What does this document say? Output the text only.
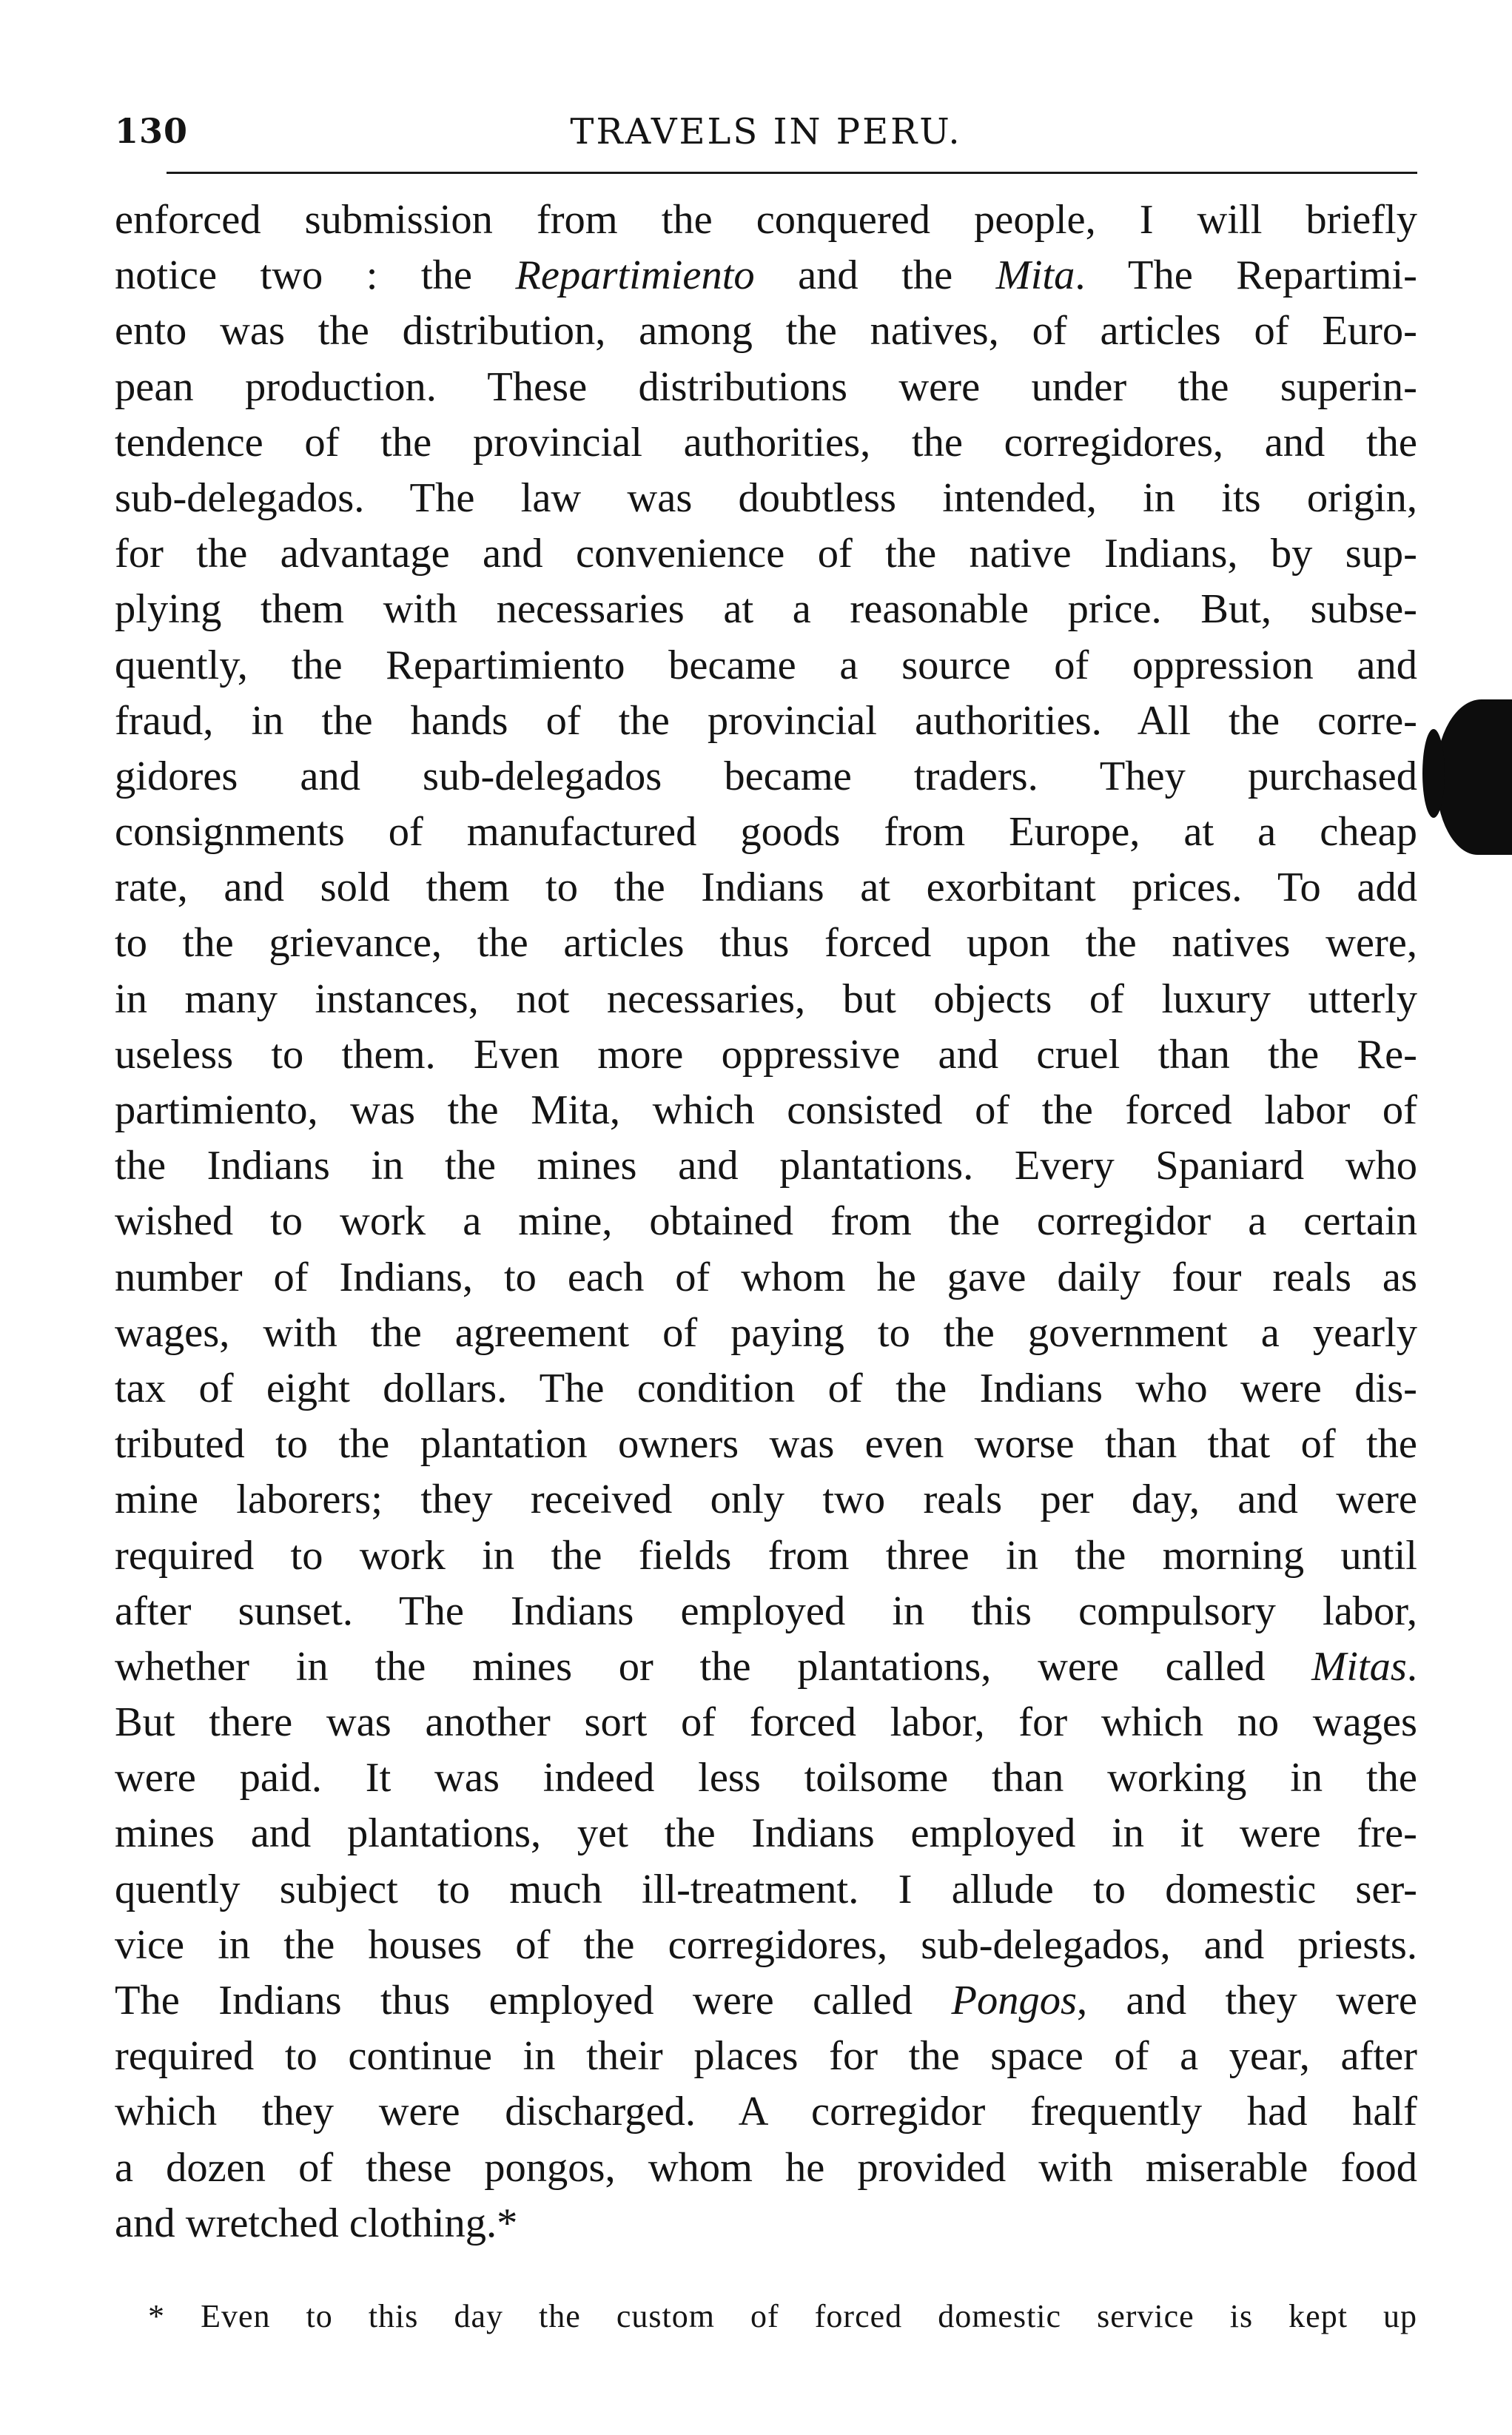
130	TRAVELS IN PERU.
enforced submission from the conquered people, I will briefly
notice two : the Repartimiento and the Mita. The Repartimi-
ento was the distribution, among the natives, of articles of Euro-
pean production. These distributions were under the superin-
tendence of the provincial authorities, the corregidores, and the
sub-delegados. The law was doubtless intended, in its origin,
for the advantage and convenience of the native Indians, by sup-
plying them with necessaries at a reasonable price. But, subse-
quently, the Repartimiento became a source of oppression and
fraud, in the hands of the provincial authorities. All the corre-
gidores and sub-delegados became traders. They purchased
consignments of manufactured goods from Europe, at a cheap
rate, and sold them to the Indians at exorbitant prices. To add
to the grievance, the articles thus forced upon the natives were,
in many instances, not necessaries, but objects of luxury utterly
useless to them. Even more oppressive and cruel than the Re-
partimiento, was the Mita, which consisted of the forced labor of
the Indians in the mines and plantations. Every Spaniard who
wished to work a mine, obtained from the corregidor a certain
number of Indians, to each of whom he gave daily four reals as
wages, with the agreement of paying to the government a yearly
tax of eight dollars. The condition of the Indians who were dis-
tributed to the plantation owners was even worse than that of the
mine laborers; they received only two reals per day, and were
required to work in the fields from three in the morning until
after sunset. The Indians employed in this compulsory labor,
whether in the mines or the plantations, were called Mitas.
But there was another sort of forced labor, for which no wages
were paid. It was indeed less toilsome than working in the
mines and plantations, yet the Indians employed in it were fre-
quently subject to much ill-treatment. I allude to domestic ser-
vice in the houses of the corregidores, sub-delegados, and priests.
The Indians thus employed were called Pongos, and they were
required to continue in their places for the space of a year, after
which they were discharged. A corregidor frequently had half
a dozen of these pongos, whom he provided with miserable food
and wretched clothing.*
* Even to this day the custom of forced domestic service is kept up
